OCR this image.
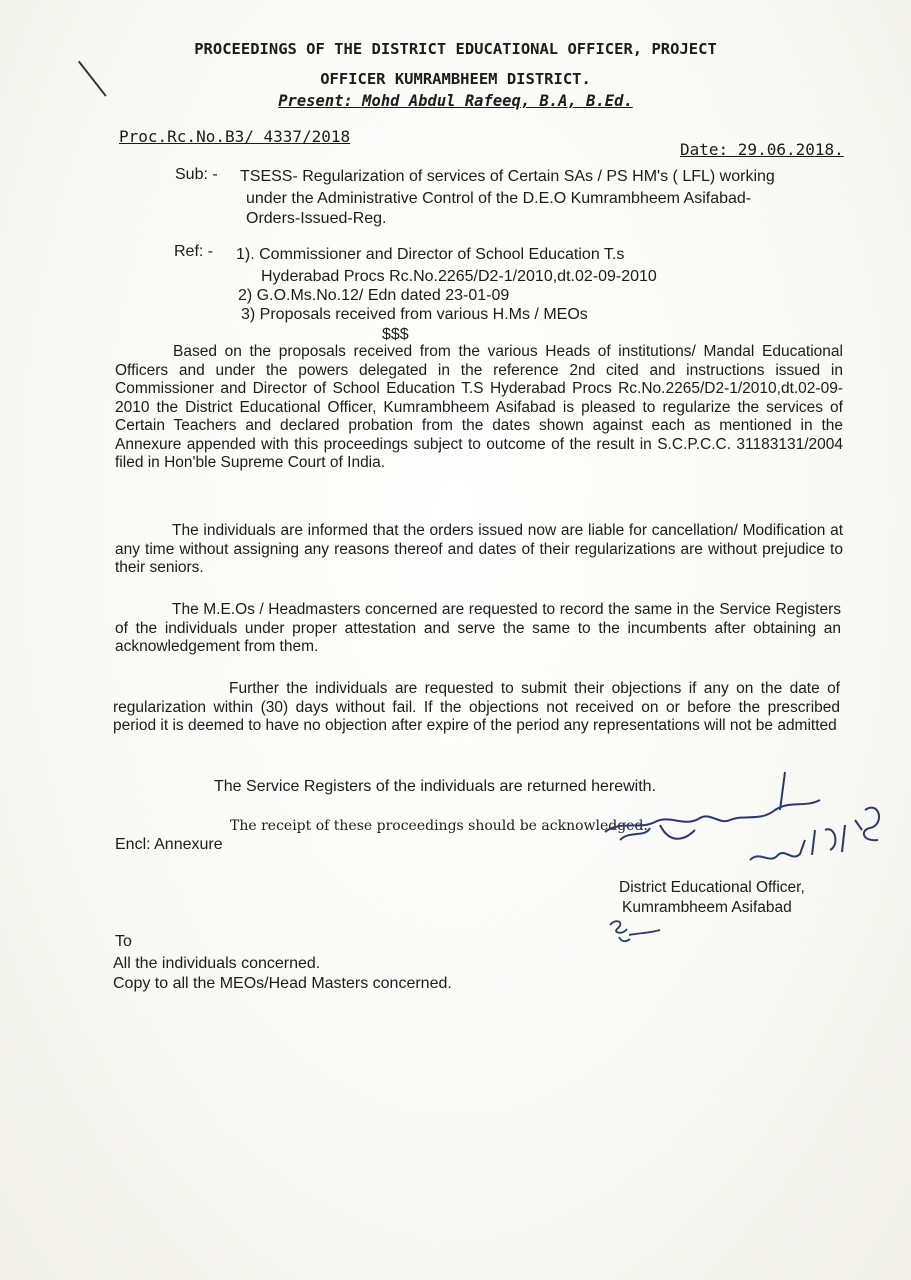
PROCEEDINGS OF THE DISTRICT EDUCATIONAL OFFICER, PROJECT
OFFICER KUMRAMBHEEM DISTRICT.
Present: Mohd Abdul Rafeeq, B.A, B.Ed.
Proc.Rc.No.B3/ 4337/2018
Date: 29.06.2018.
Sub: - TSESS- Regularization of services of Certain SAs / PS HM's ( LFL) working
under the Administrative Control of the D.E.O Kumrambheem Asifabad-
Orders-Issued-Reg.
Ref: - 1). Commissioner and Director of School Education T.s
Hyderabad Procs Rc.No.2265/D2-1/2010,dt.02-09-2010
2) G.O.Ms.No.12/ Edn dated 23-01-09
3) Proposals received from various H.Ms / MEOs
$$$
Based on the proposals received from the various Heads of institutions/ Mandal Educational Officers and under the powers delegated in the reference 2nd cited and instructions issued in Commissioner and Director of School Education T.S Hyderabad Procs Rc.No.2265/D2-1/2010,dt.02-09-2010 the District Educational Officer, Kumrambheem Asifabad is pleased to regularize the services of Certain Teachers and declared probation from the dates shown against each as mentioned in the Annexure appended with this proceedings subject to outcome of the result in S.C.P.C.C. 31183131/2004 filed in Hon'ble Supreme Court of India.
The individuals are informed that the orders issued now are liable for cancellation/ Modification at any time without assigning any reasons thereof and dates of their regularizations are without prejudice to their seniors.
The M.E.Os / Headmasters concerned are requested to record the same in the Service Registers of the individuals under proper attestation and serve the same to the incumbents after obtaining an acknowledgement from them.
Further the individuals are requested to submit their objections if any on the date of regularization within (30) days without fail. If the objections not received on or before the prescribed period it is deemed to have no objection after expire of the period any representations will not be admitted
The Service Registers of the individuals are returned herewith.
The receipt of these proceedings should be acknowledged.
Encl: Annexure
District Educational Officer,
Kumrambheem Asifabad
To
All the individuals concerned.
Copy to all the MEOs/Head Masters concerned.
